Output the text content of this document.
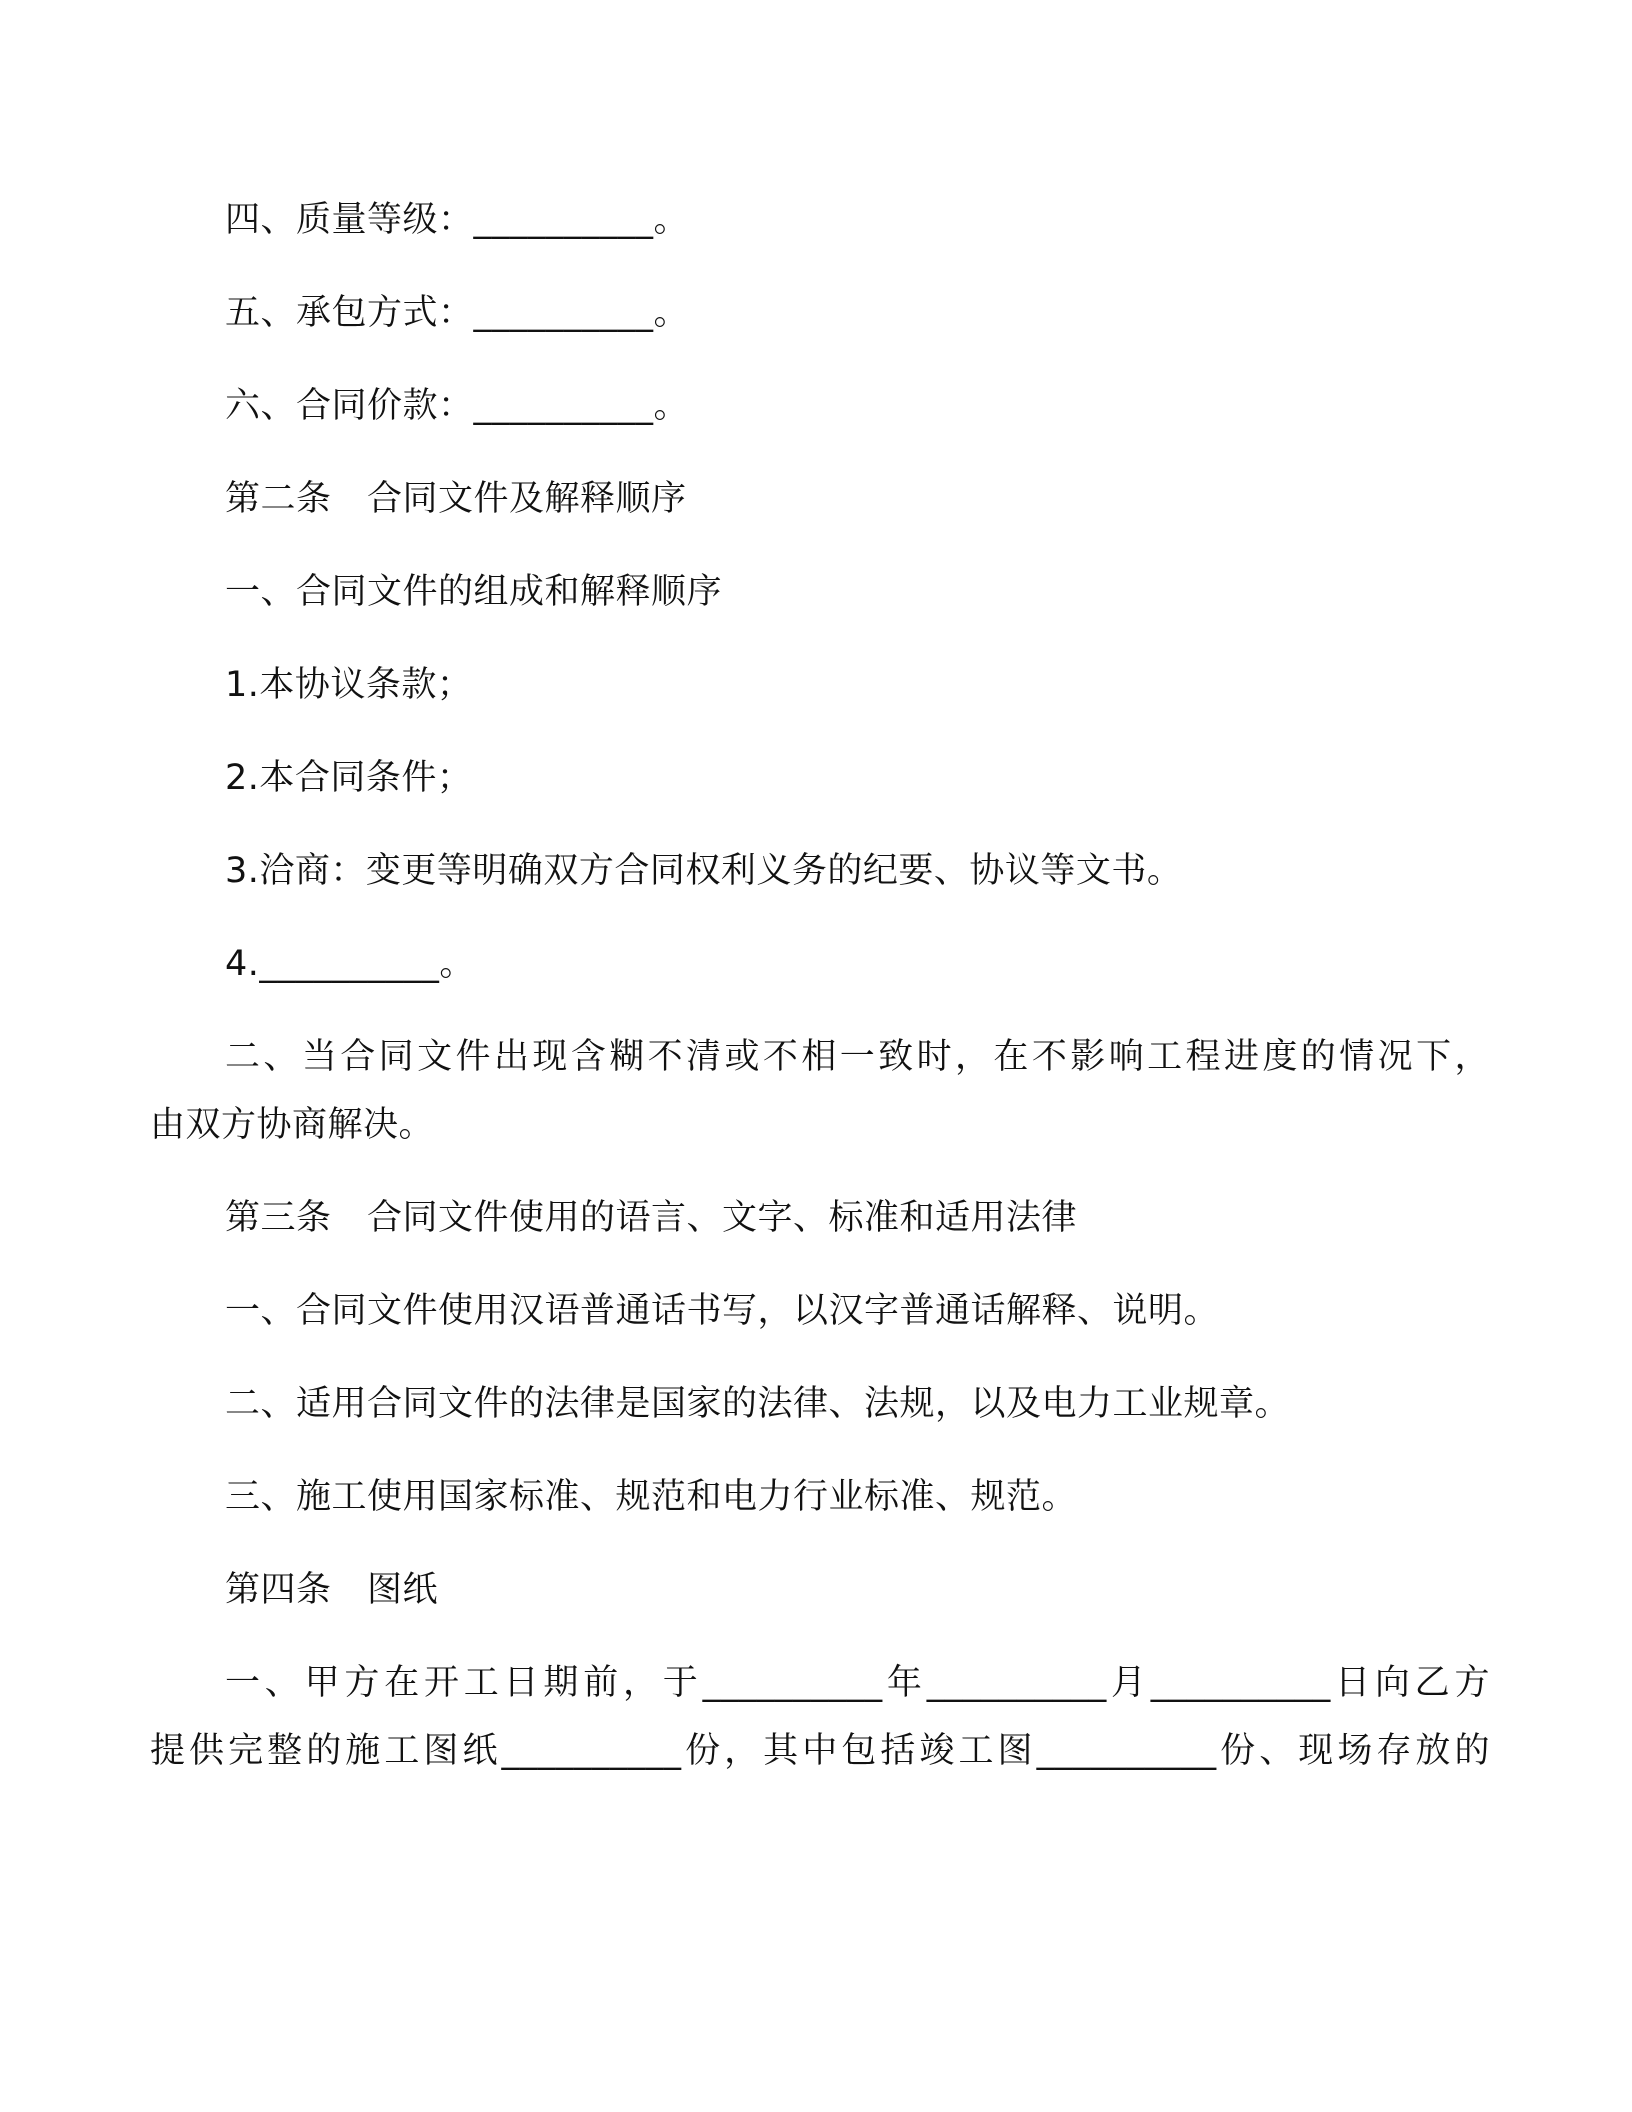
四、质量等级：__________。
五、承包方式：__________。
六、合同价款：__________。
第二条　合同文件及解释顺序
一、合同文件的组成和解释顺序
1.本协议条款；
2.本合同条件；
3.洽商：变更等明确双方合同权利义务的纪要、协议等文书。
4.__________。
二、当合同文件出现含糊不清或不相一致时，在不影响工程进度的情况下，
由双方协商解决。
第三条　合同文件使用的语言、文字、标准和适用法律
一、合同文件使用汉语普通话书写，以汉字普通话解释、说明。
二、适用合同文件的法律是国家的法律、法规，以及电力工业规章。
三、施工使用国家标准、规范和电力行业标准、规范。
第四条　图纸
一、甲方在开工日期前，于__________年__________月__________日向乙方
提供完整的施工图纸__________份，其中包括竣工图__________份、现场存放的
